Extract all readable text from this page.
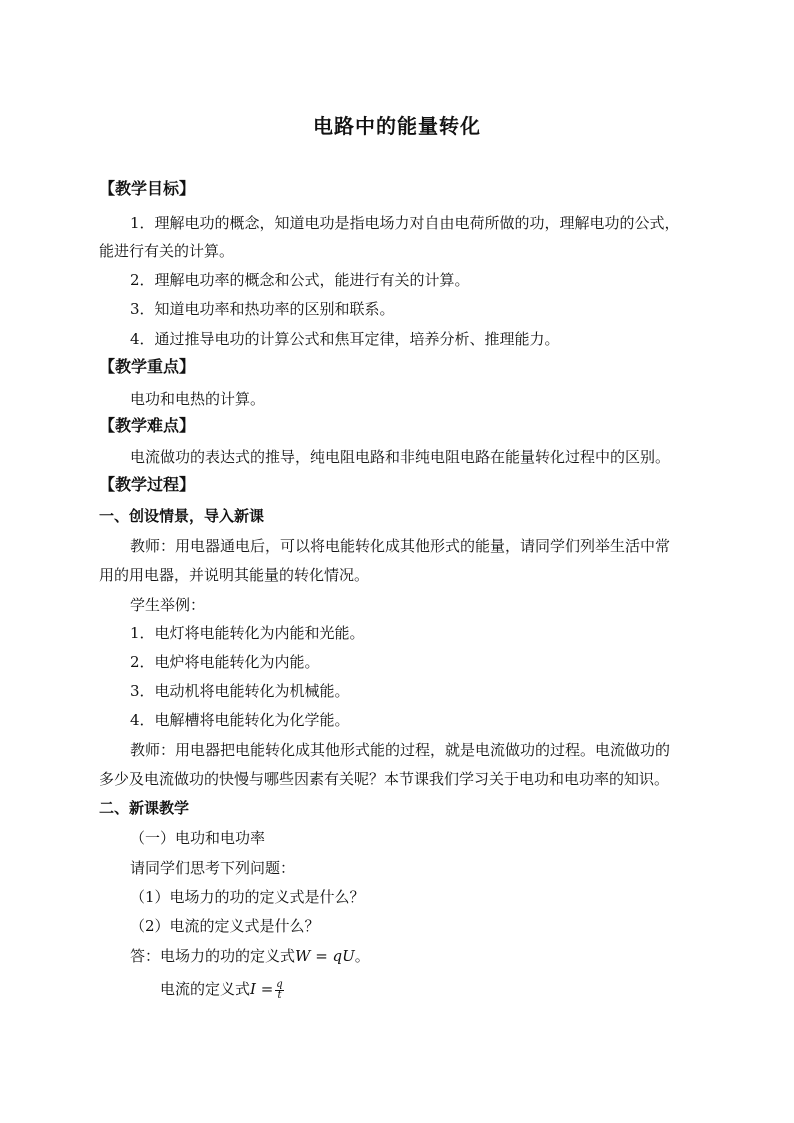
电路中的能量转化
【教学目标】
1．理解电功的概念，知道电功是指电场力对自由电荷所做的功，理解电功的公式，
能进行有关的计算。
2．理解电功率的概念和公式，能进行有关的计算。
3．知道电功率和热功率的区别和联系。
4．通过推导电功的计算公式和焦耳定律，培养分析、推理能力。
【教学重点】
电功和电热的计算。
【教学难点】
电流做功的表达式的推导，纯电阻电路和非纯电阻电路在能量转化过程中的区别。
【教学过程】
一、创设情景，导入新课
教师：用电器通电后，可以将电能转化成其他形式的能量，请同学们列举生活中常
用的用电器，并说明其能量的转化情况。
学生举例：
1．电灯将电能转化为内能和光能。
2．电炉将电能转化为内能。
3．电动机将电能转化为机械能。
4．电解槽将电能转化为化学能。
教师：用电器把电能转化成其他形式能的过程，就是电流做功的过程。电流做功的
多少及电流做功的快慢与哪些因素有关呢？本节课我们学习关于电功和电功率的知识。
二、新课教学
（一）电功和电功率
请同学们思考下列问题：
（1）电场力的功的定义式是什么？
（2）电流的定义式是什么？
答：电场力的功的定义式W = qU。
电流的定义式$I = \frac{q}{t}$
